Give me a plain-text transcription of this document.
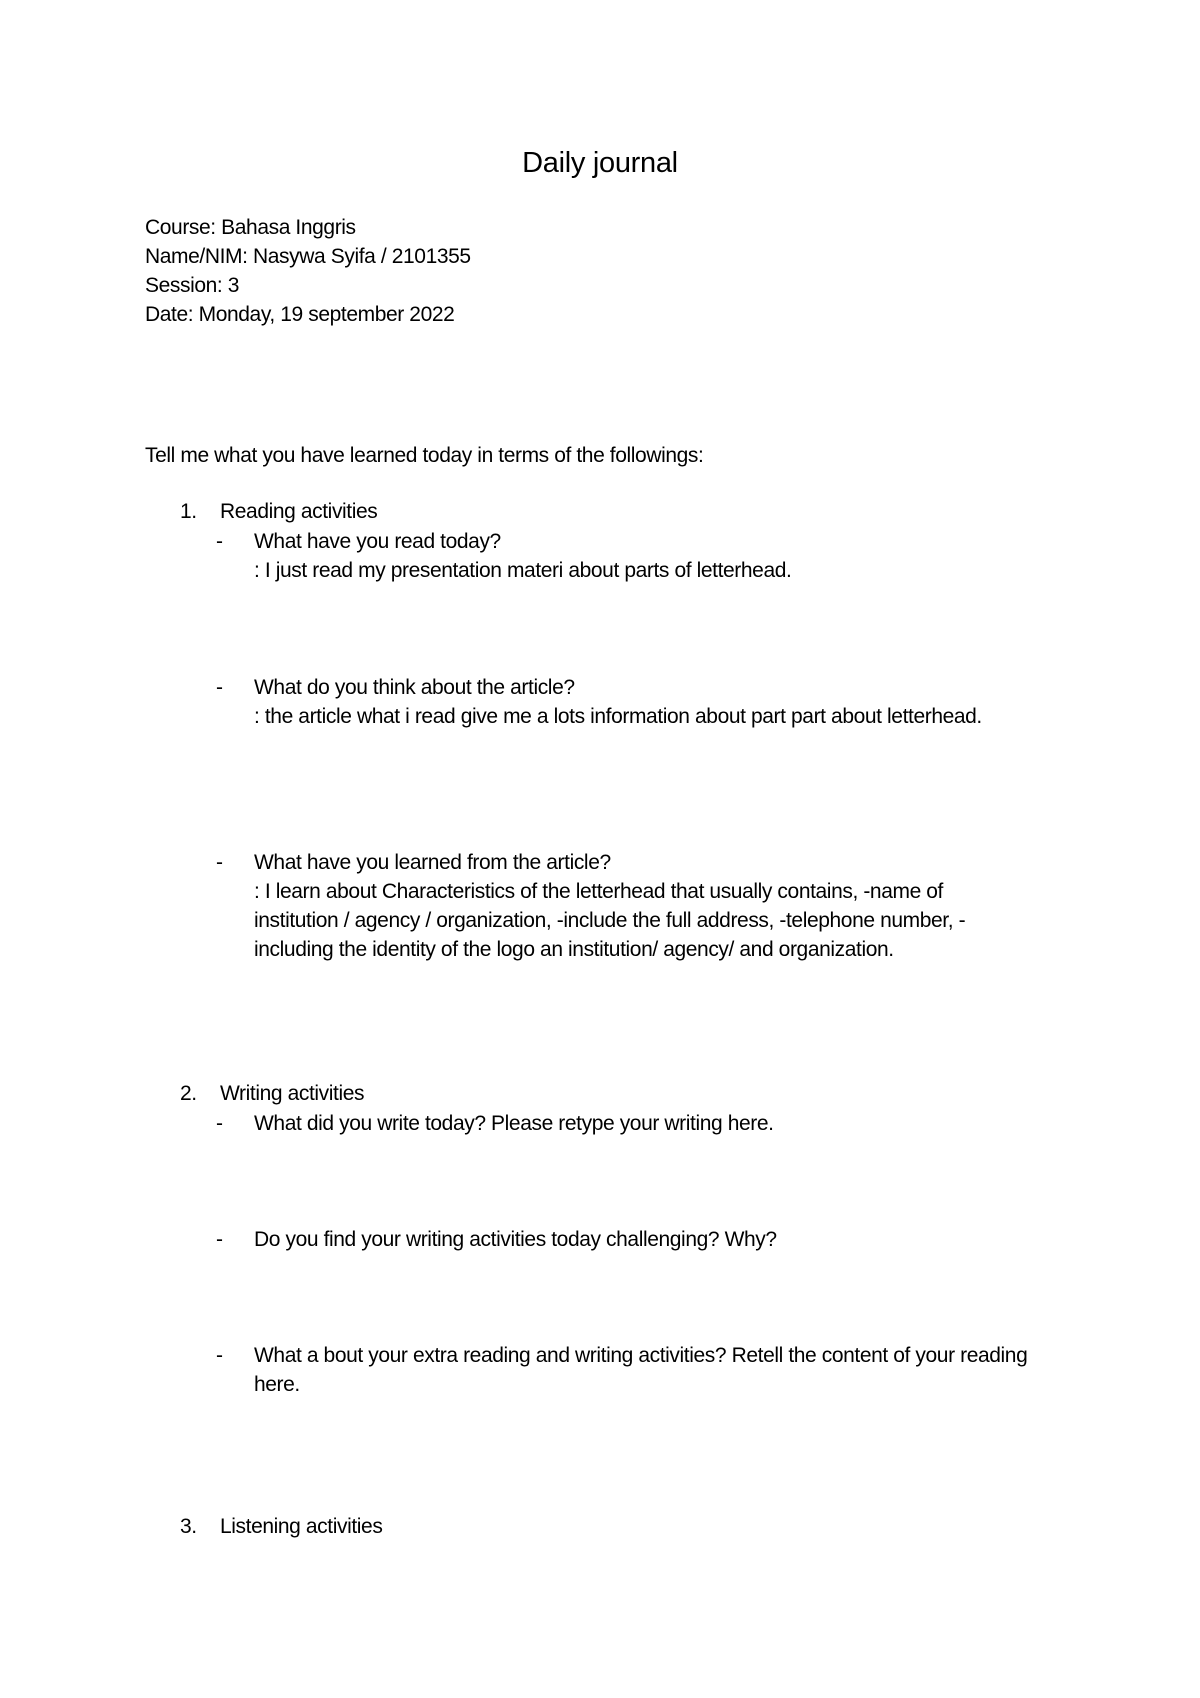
Daily journal
Course: Bahasa Inggris
Name/NIM: Nasywa Syifa / 2101355
Session: 3
Date: Monday, 19 september 2022
Tell me what you have learned today in terms of the followings:
1. Reading activities
- What have you read today?
: I just read my presentation materi about parts of letterhead.
- What do you think about the article?
: the article what i read give me a lots information about part part about letterhead.
- What have you learned from the article?
: I learn about Characteristics of the letterhead that usually contains, -name of institution / agency / organization, -include the full address, -telephone number, -including the identity of the logo an institution/ agency/ and organization.
2. Writing activities
- What did you write today? Please retype your writing here.
- Do you find your writing activities today challenging? Why?
- What a bout your extra reading and writing activities? Retell the content of your reading here.
3. Listening activities
